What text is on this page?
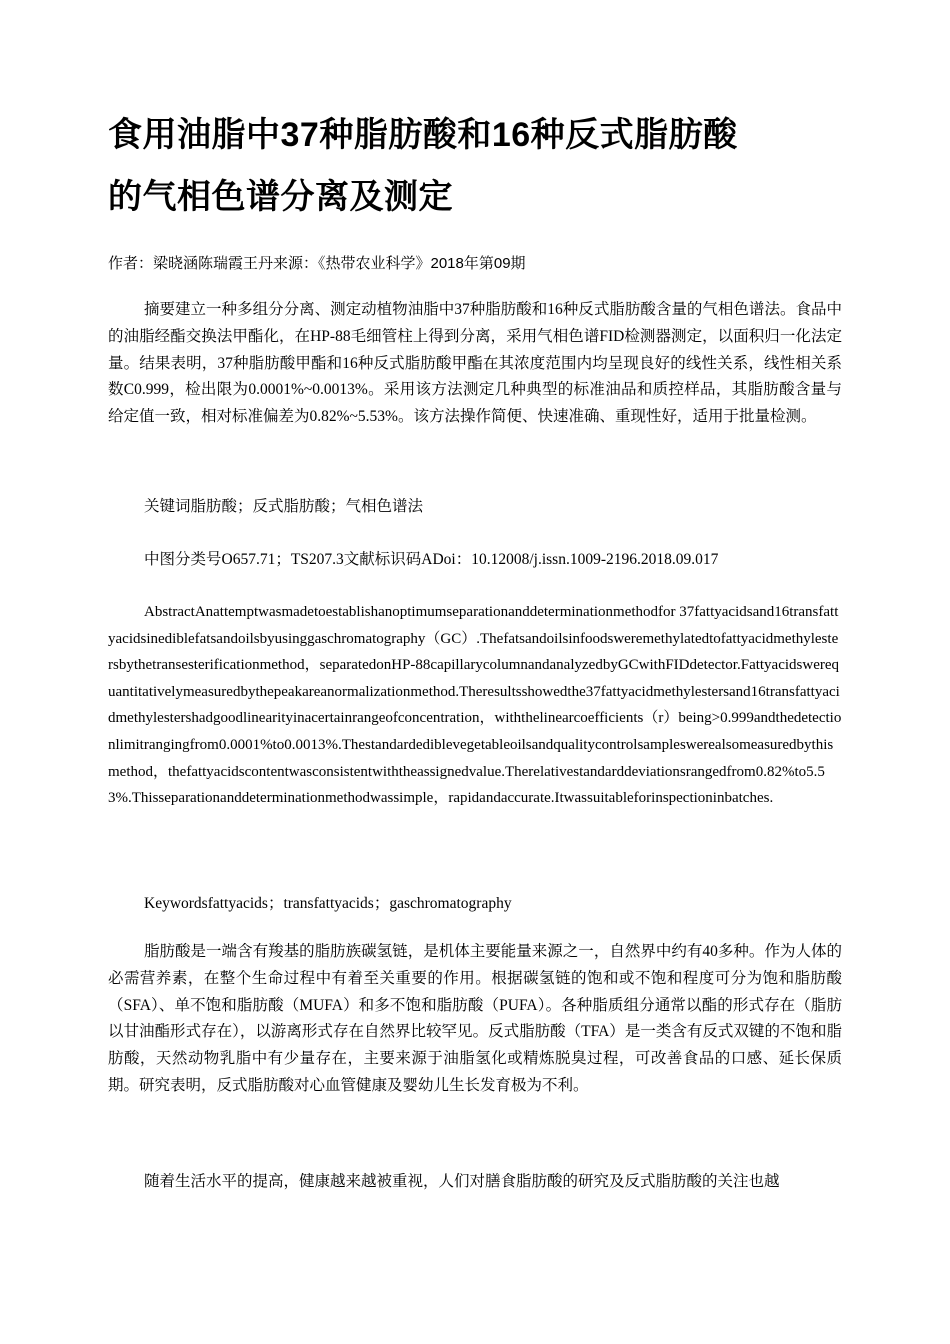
食用油脂中37种脂肪酸和16种反式脂肪酸
的气相色谱分离及测定
作者：梁晓涵陈瑞霞王丹来源：《热带农业科学》2018年第09期

摘要建立一种多组分分离、测定动植物油脂中37种脂肪酸和16种反式脂肪酸含量的气相色谱法。食品中的油脂经酯交换法甲酯化，在HP-88毛细管柱上得到分离，采用气相色谱FID检测器测定，以面积归一化法定量。结果表明，37种脂肪酸甲酯和16种反式脂肪酸甲酯在其浓度范围内均呈现良好的线性关系，线性相关系数C0.999，检出限为0.0001%~0.0013%。采用该方法测定几种典型的标准油品和质控样品，其脂肪酸含量与给定值一致，相对标准偏差为0.82%~5.53%。该方法操作简便、快速准确、重现性好，适用于批量检测。

关键词脂肪酸；反式脂肪酸；气相色谱法
中图分类号O657.71；TS207.3文献标识码ADoi：10.12008/j.issn.1009-2196.2018.09.017

AbstractAnattemptwasmadetoestablishanoptimumseparationanddeterminationmethodfor 37fattyacidsand16transfattyacidsinediblefatsandoilsbyusinggaschromatography（GC）.Thefatsandoilsinfoodsweremethylatedtofattyacidmethylestersbythetransesterificationmethod，separatedonHP-88capillarycolumnandanalyzedbyGCwithFIDdetector.Fattyacidswerequantitativelymeasuredbythepeakareanormalizationmethod.Theresultsshowedthe37fattyacidmethylestersand16transfattyacidmethylestershadgoodlinearityinacertainrangeofconcentration，withthelinearcoefficients（r）being>0.999andthedetectionlimitrangingfrom0.0001%to0.0013%.Thestandardediblevegetableoilsandqualitycontrolsampleswerealsomeasuredbythismethod，thefattyacidscontentwasconsistentwiththeassignedvalue.Therelativestandarddeviationsrangedfrom0.82%to5.53%.Thisseparationanddeterminationmethodwassimple，rapidandaccurate.Itwassuitableforinspectioninbatches.

Keywordsfattyacids；transfattyacids；gaschromatography

脂肪酸是一端含有羧基的脂肪族碳氢链，是机体主要能量来源之一，自然界中约有40多种。作为人体的必需营养素，在整个生命过程中有着至关重要的作用。根据碳氢链的饱和或不饱和程度可分为饱和脂肪酸（SFA）、单不饱和脂肪酸（MUFA）和多不饱和脂肪酸（PUFA）。各种脂质组分通常以酯的形式存在（脂肪以甘油酯形式存在），以游离形式存在自然界比较罕见。反式脂肪酸（TFA）是一类含有反式双键的不饱和脂肪酸，天然动物乳脂中有少量存在，主要来源于油脂氢化或精炼脱臭过程，可改善食品的口感、延长保质期。研究表明，反式脂肪酸对心血管健康及婴幼儿生长发育极为不利。

随着生活水平的提高，健康越来越被重视，人们对膳食脂肪酸的研究及反式脂肪酸的关注也越
